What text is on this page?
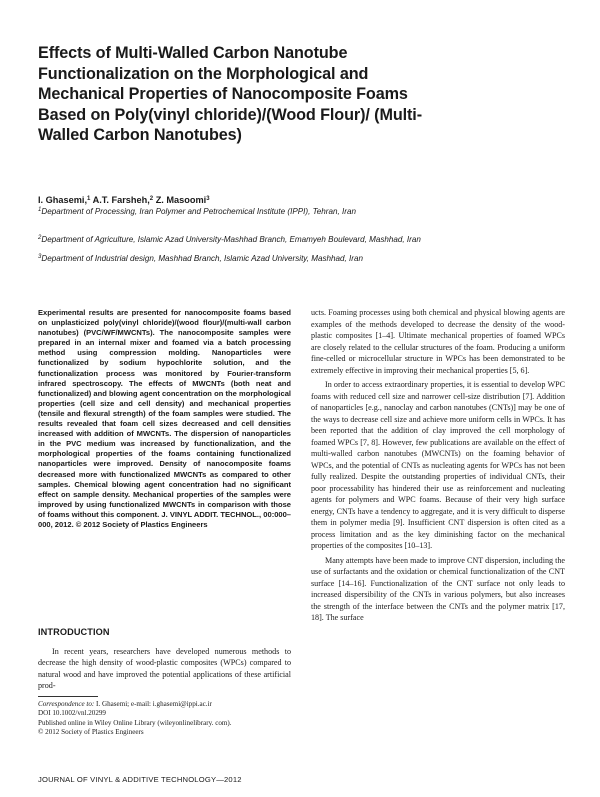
Effects of Multi-Walled Carbon Nanotube Functionalization on the Morphological and Mechanical Properties of Nanocomposite Foams Based on Poly(vinyl chloride)/(Wood Flour)/ (Multi-Walled Carbon Nanotubes)
I. Ghasemi,$^1$ A.T. Farsheh,$^2$ Z. Masoomi$^3$
$^1$Department of Processing, Iran Polymer and Petrochemical Institute (IPPI), Tehran, Iran
$^2$Department of Agriculture, Islamic Azad University-Mashhad Branch, Emamyeh Boulevard, Mashhad, Iran
$^3$Department of Industrial design, Mashhad Branch, Islamic Azad University, Mashhad, Iran
Experimental results are presented for nanocomposite foams based on unplasticized poly(vinyl chloride)/(wood flour)/(multi-wall carbon nanotubes) (PVC/WF/MWCNTs). The nanocomposite samples were prepared in an internal mixer and foamed via a batch processing method using compression molding. Nanoparticles were functionalized by sodium hypochlorite solution, and the functionalization process was monitored by Fourier-transform infrared spectroscopy. The effects of MWCNTs (both neat and functionalized) and blowing agent concentration on the morphological properties (cell size and cell density) and mechanical properties (tensile and flexural strength) of the foam samples were studied. The results revealed that foam cell sizes decreased and cell densities increased with addition of MWCNTs. The dispersion of nanoparticles in the PVC medium was increased by functionalization, and the morphological properties of the foams containing functionalized nanoparticles were improved. Density of nanocomposite foams decreased more with functionalized MWCNTs as compared to other samples. Chemical blowing agent concentration had no significant effect on sample density. Mechanical properties of the samples were improved by using functionalized MWCNTs in comparison with those of foams without this component. J. VINYL ADDIT. TECHNOL., 00:000–000, 2012. © 2012 Society of Plastics Engineers
INTRODUCTION
In recent years, researchers have developed numerous methods to decrease the high density of wood-plastic composites (WPCs) compared to natural wood and have improved the potential applications of these artificial prod-
Correspondence to: I. Ghasemi; e-mail: i.ghasemi@ippi.ac.ir
DOI 10.1002/vnl.20299
Published online in Wiley Online Library (wileyonlinelibrary. com).
© 2012 Society of Plastics Engineers
JOURNAL OF VINYL & ADDITIVE TECHNOLOGY—2012

ucts. Foaming processes using both chemical and physical blowing agents are examples of the methods developed to decrease the density of the wood-plastic composites [1–4]. Ultimate mechanical properties of foamed WPCs are closely related to the cellular structures of the foam. Producing a uniform fine-celled or microcellular structure in WPCs has been demonstrated to be extremely effective in improving their mechanical properties [5, 6].

In order to access extraordinary properties, it is essential to develop WPC foams with reduced cell size and narrower cell-size distribution [7]. Addition of nanoparticles [e.g., nanoclay and carbon nanotubes (CNTs)] may be one of the ways to decrease cell size and achieve more uniform cells in WPCs. It has been reported that the addition of clay improved the cell morphology of foamed WPCs [7, 8]. However, few publications are available on the effect of multi-walled carbon nanotubes (MWCNTs) on the foaming behavior of WPCs, and the potential of CNTs as nucleating agents for WPCs has not been fully realized. Despite the outstanding properties of individual CNTs, their poor processability has hindered their use as reinforcement and nucleating agents for polymers and WPC foams. Because of their very high surface energy, CNTs have a tendency to aggregate, and it is very difficult to disperse them in polymer media [9]. Insufficient CNT dispersion is often cited as a process limitation and as the key diminishing factor on the mechanical properties of the composites [10–13].

Many attempts have been made to improve CNT dispersion, including the use of surfactants and the oxidation or chemical functionalization of the CNT surface [14–16]. Functionalization of the CNT surface not only leads to increased dispersibility of the CNTs in various polymers, but also increases the strength of the interface between the CNTs and the polymer matrix [17, 18]. The surface
